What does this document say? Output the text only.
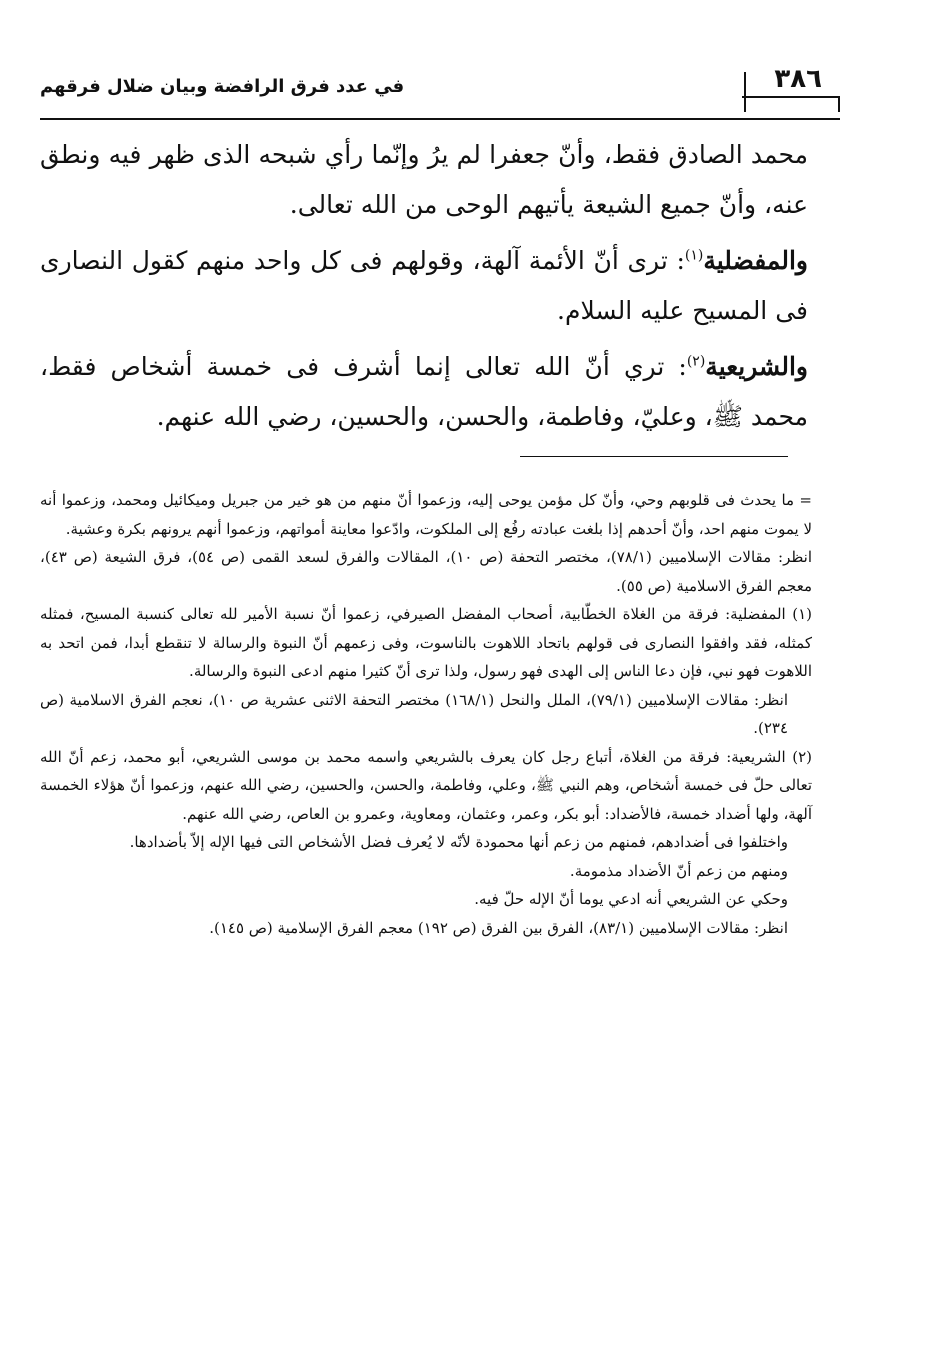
٣٨٦
في عدد فرق الرافضة وبيان ضلال فرقهم

محمد الصادق فقط، وأنّ جعفرا لم يرُ وإنّما رأي شبحه الذى ظهر فيه ونطق عنه، وأنّ جميع الشيعة يأتيهم الوحى من الله تعالى.

والمفضلية$^{(١)}$: ترى أنّ الأئمة آلهة، وقولهم فى كل واحد منهم كقول النصارى فى المسيح عليه السلام.

والشريعية$^{(٢)}$: تري أنّ الله تعالى إنما أشرف فى خمسة أشخاص فقط، محمد ﷺ، وعليّ، وفاطمة، والحسن، والحسين، رضي الله عنهم.

= ما يحدث فى قلوبهم وحي، وأنّ كل مؤمن يوحى إليه، وزعموا أنّ منهم من هو خير من جبريل وميكائيل ومحمد، وزعموا أنه لا يموت منهم احد، وأنّ أحدهم إذا بلغت عبادته رفُع إلى الملكوت، وادّعوا معاينة أمواتهم، وزعموا أنهم يرونهم بكرة وعشية.

انظر: مقالات الإسلاميين (٧٨/١)، مختصر التحفة (ص ١٠)، المقالات والفرق لسعد القمى (ص ٥٤)، فرق الشيعة (ص ٤٣)، معجم الفرق الاسلامية (ص ٥٥).

(١) المفضلية: فرقة من الغلاة الخطّابية، أصحاب المفضل الصيرفي، زعموا أنّ نسبة الأمير لله تعالى كنسبة المسيح، فمثله كمثله، فقد وافقوا النصارى فى قولهم باتحاد اللاهوت بالناسوت، وفى زعمهم أنّ النبوة والرسالة لا تنقطع أبدا، فمن اتحد به اللاهوت فهو نبي، فإن دعا الناس إلى الهدى فهو رسول، ولذا ترى أنّ كثيرا منهم ادعى النبوة والرسالة.

انظر: مقالات الإسلاميين (٧٩/١)، الملل والنحل (١٦٨/١) مختصر التحفة الاثنى عشرية ص ١٠)، نعجم الفرق الاسلامية (ص ٢٣٤).

(٢) الشريعية: فرقة من الغلاة، أتباع رجل كان يعرف بالشريعي واسمه محمد بن موسى الشريعي، أبو محمد، زعم أنّ الله تعالى حلّ فى خمسة أشخاص، وهم النبي ﷺ، وعلي، وفاطمة، والحسن، والحسين، رضي الله عنهم، وزعموا أنّ هؤلاء الخمسة آلهة، ولها أضداد خمسة، فالأضداد: أبو بكر، وعمر، وعثمان، ومعاوية، وعمرو بن العاص، رضي الله عنهم.

واختلفوا فى أضدادهم، فمنهم من زعم أنها محمودة لأنّه لا يُعرف فضل الأشخاص التى فيها الإله إلاّ بأضدادها.

ومنهم من زعم أنّ الأضداد مذمومة.

وحكي عن الشريعي أنه ادعي يوما أنّ الإله حلّ فيه.

انظر: مقالات الإسلاميين (٨٣/١)، الفرق بين الفرق (ص ١٩٢) معجم الفرق الإسلامية (ص ١٤٥).
